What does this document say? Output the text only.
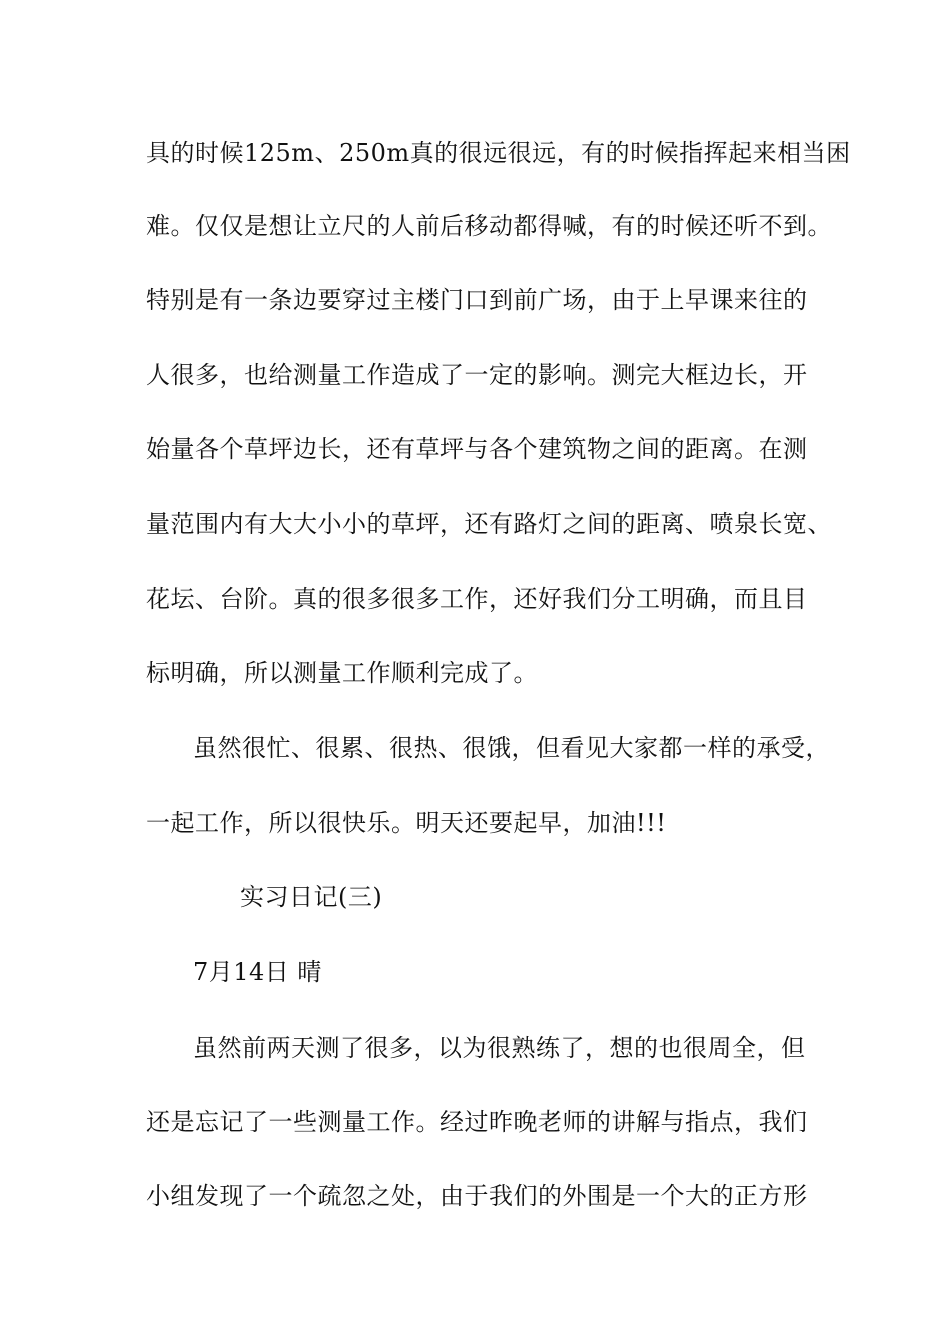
具的时候125m、250m真的很远很远，有的时候指挥起来相当困
难。仅仅是想让立尺的人前后移动都得喊，有的时候还听不到。
特别是有一条边要穿过主楼门口到前广场，由于上早课来往的
人很多，也给测量工作造成了一定的影响。测完大框边长，开
始量各个草坪边长，还有草坪与各个建筑物之间的距离。在测
量范围内有大大小小的草坪，还有路灯之间的距离、喷泉长宽、
花坛、台阶。真的很多很多工作，还好我们分工明确，而且目
标明确，所以测量工作顺利完成了。
虽然很忙、很累、很热、很饿，但看见大家都一样的承受，
一起工作，所以很快乐。明天还要起早，加油!!!
实习日记(三)
7月14日 晴
虽然前两天测了很多，以为很熟练了，想的也很周全，但
还是忘记了一些测量工作。经过昨晚老师的讲解与指点，我们
小组发现了一个疏忽之处，由于我们的外围是一个大的正方形
